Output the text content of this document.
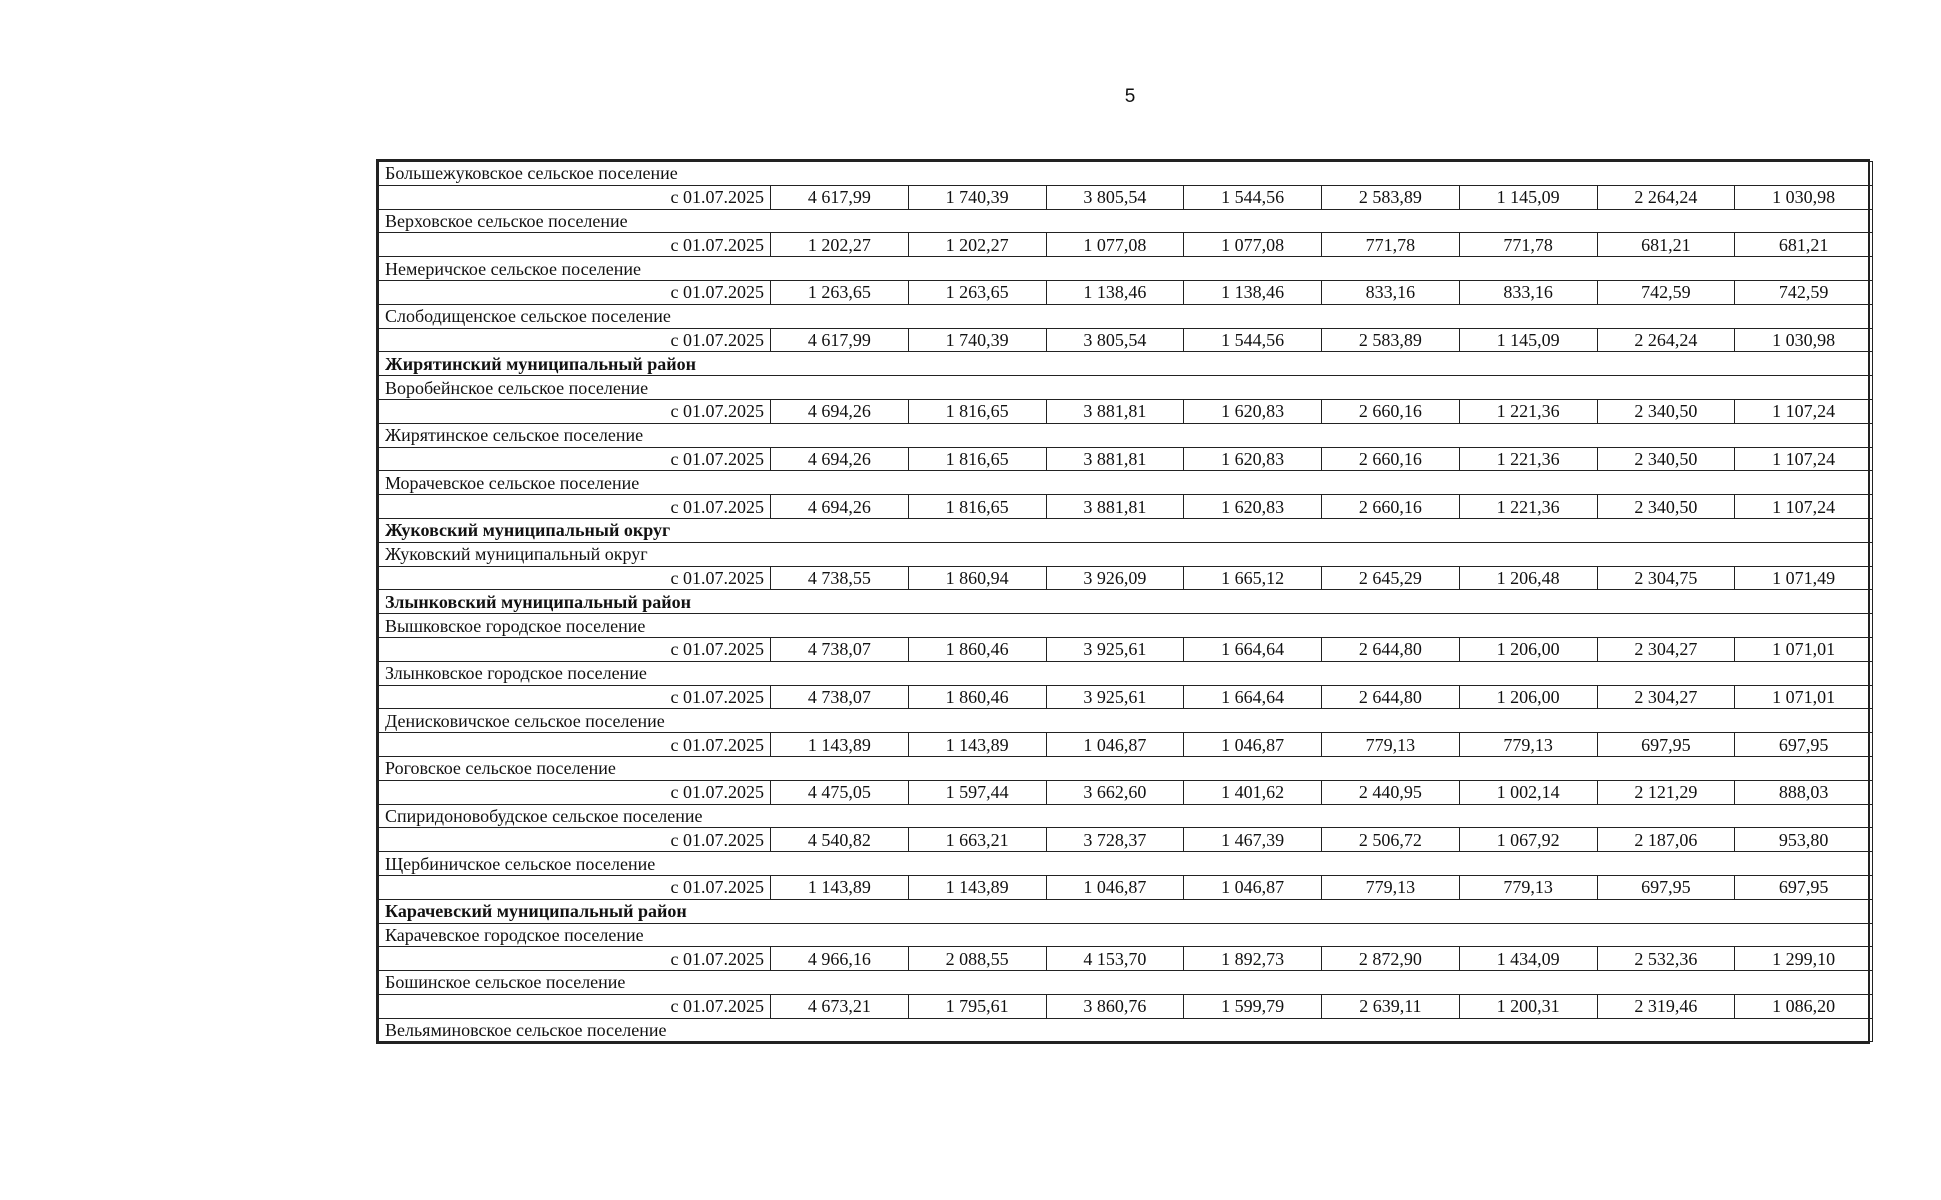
5
Большежуковское сельское поселение								
с 01.07.2025	4 617,99	1 740,39	3 805,54	1 544,56	2 583,89	1 145,09	2 264,24	1 030,98
Верховское сельское поселение								
с 01.07.2025	1 202,27	1 202,27	1 077,08	1 077,08	771,78	771,78	681,21	681,21
Немеричское сельское поселение								
с 01.07.2025	1 263,65	1 263,65	1 138,46	1 138,46	833,16	833,16	742,59	742,59
Слободищенское сельское поселение								
с 01.07.2025	4 617,99	1 740,39	3 805,54	1 544,56	2 583,89	1 145,09	2 264,24	1 030,98
Жирятинский муниципальный район								
Воробейнское сельское поселение								
с 01.07.2025	4 694,26	1 816,65	3 881,81	1 620,83	2 660,16	1 221,36	2 340,50	1 107,24
Жирятинское сельское поселение								
с 01.07.2025	4 694,26	1 816,65	3 881,81	1 620,83	2 660,16	1 221,36	2 340,50	1 107,24
Морачевское сельское поселение								
с 01.07.2025	4 694,26	1 816,65	3 881,81	1 620,83	2 660,16	1 221,36	2 340,50	1 107,24
Жуковский муниципальный округ								
Жуковский муниципальный округ								
с 01.07.2025	4 738,55	1 860,94	3 926,09	1 665,12	2 645,29	1 206,48	2 304,75	1 071,49
Злынковский муниципальный район								
Вышковское городское поселение								
с 01.07.2025	4 738,07	1 860,46	3 925,61	1 664,64	2 644,80	1 206,00	2 304,27	1 071,01
Злынковское городское поселение								
с 01.07.2025	4 738,07	1 860,46	3 925,61	1 664,64	2 644,80	1 206,00	2 304,27	1 071,01
Денисковичское сельское поселение								
с 01.07.2025	1 143,89	1 143,89	1 046,87	1 046,87	779,13	779,13	697,95	697,95
Роговское сельское поселение								
с 01.07.2025	4 475,05	1 597,44	3 662,60	1 401,62	2 440,95	1 002,14	2 121,29	888,03
Спиридоновобудское сельское поселение								
с 01.07.2025	4 540,82	1 663,21	3 728,37	1 467,39	2 506,72	1 067,92	2 187,06	953,80
Щербиничское сельское поселение								
с 01.07.2025	1 143,89	1 143,89	1 046,87	1 046,87	779,13	779,13	697,95	697,95
Карачевский муниципальный район								
Карачевское городское поселение								
с 01.07.2025	4 966,16	2 088,55	4 153,70	1 892,73	2 872,90	1 434,09	2 532,36	1 299,10
Бошинское сельское поселение								
с 01.07.2025	4 673,21	1 795,61	3 860,76	1 599,79	2 639,11	1 200,31	2 319,46	1 086,20
Вельяминовское сельское поселение								
